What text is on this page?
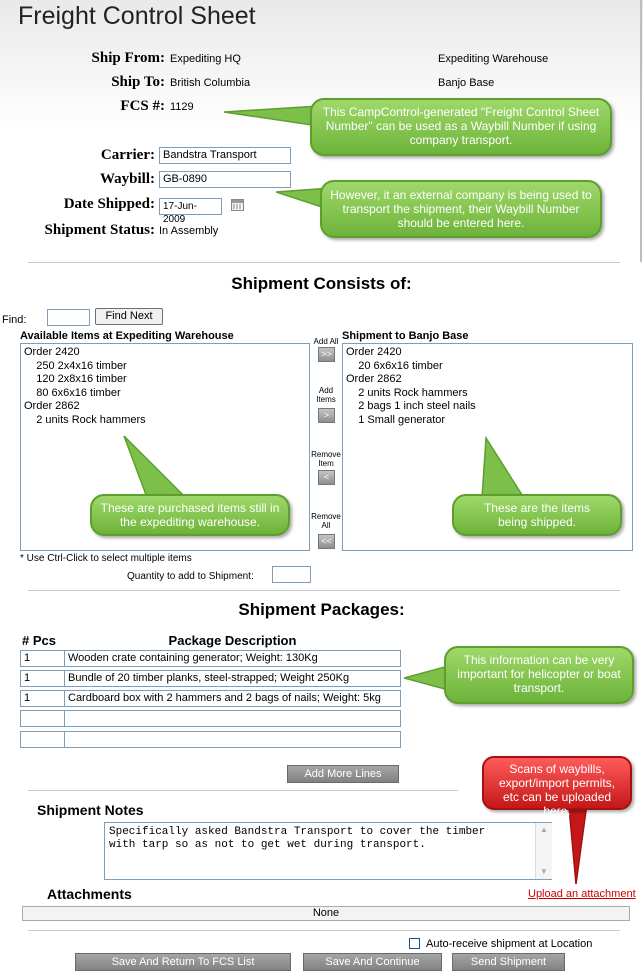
Freight Control Sheet
Ship From: Expediting HQ	Expediting Warehouse
Ship To: British Columbia	Banjo Base
FCS #: 1129
Carrier: Bandstra Transport
Waybill: GB-0890
Date Shipped: 17-Jun-2009
Shipment Status: In Assembly
This CampControl-generated "Freight Control Sheet Number" can be used as a Waybill Number if using company transport.
However, it an external company is being used to transport the shipment, their Waybill Number should be entered here.
Shipment Consists of:
Find:	Find Next
Available Items at Expediting Warehouse	Shipment to Banjo Base
Order 2420
250 2x4x16 timber
120 2x8x16 timber
80 6x6x16 timber
Order 2862
2 units Rock hammers
Order 2420
20 6x6x16 timber
Order 2862
2 units Rock hammers
2 bags 1 inch steel nails
1 Small generator
Add All
>>
Add Items
>
Remove Item
<
Remove All
<<
These are purchased items still in the expediting warehouse.
These are the items being shipped.
* Use Ctrl-Click to select multiple items
Quantity to add to Shipment:
Shipment Packages:
# Pcs	Package Description
1	Wooden crate containing generator; Weight: 130Kg
1	Bundle of 20 timber planks, steel-strapped; Weight 250Kg
1	Cardboard box with 2 hammers and 2 bags of nails; Weight: 5kg
This information can be very important for helicopter or boat transport.
Add More Lines
Shipment Notes
Specifically asked Bandstra Transport to cover the timber
with tarp so as not to get wet during transport.
▲
▼
Scans of waybills, export/import permits, etc can be uploaded here.
Attachments	Upload an attachment
None
Auto-receive shipment at Location
Save And Return To FCS List	Save And Continue	Send Shipment
